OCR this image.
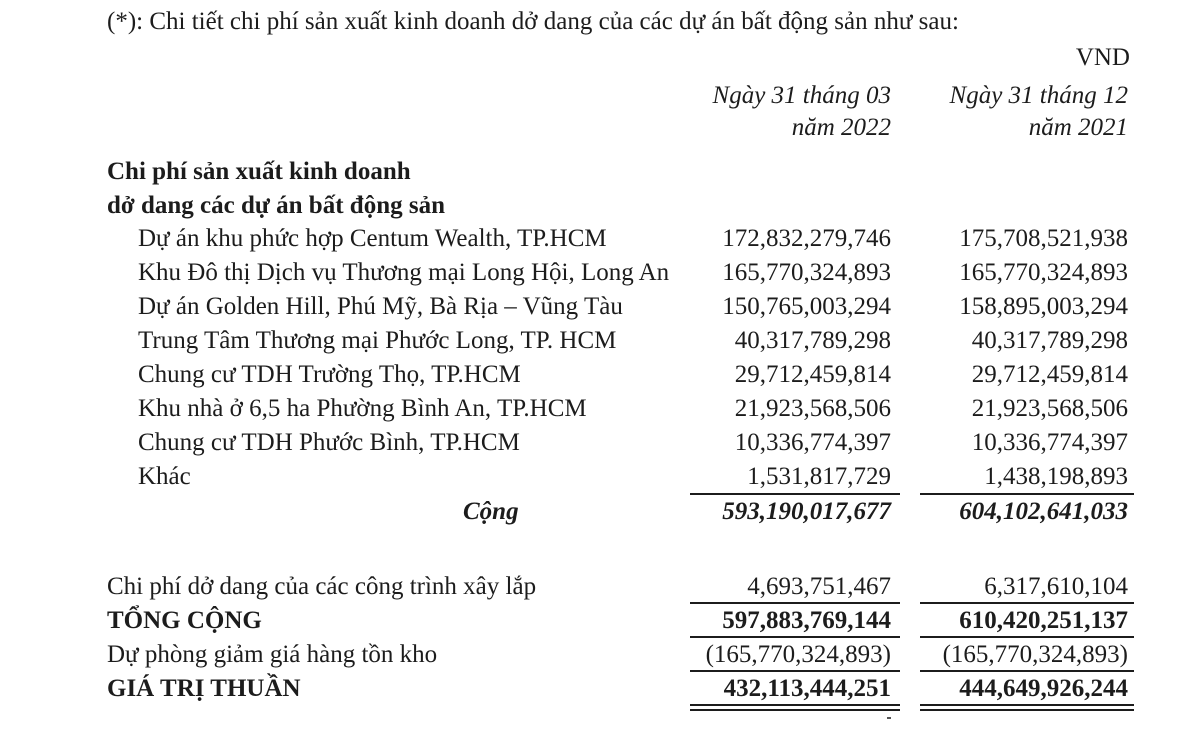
(*): Chi tiết chi phí sản xuất kinh doanh dở dang của các dự án bất động sản như sau:
VND
Ngày 31 tháng 03
năm 2022
Ngày 31 tháng 12
năm 2021
Chi phí sản xuất kinh doanh
dở dang các dự án bất động sản
Dự án khu phức hợp Centum Wealth, TP.HCM	172,832,279,746	175,708,521,938
Khu Đô thị Dịch vụ Thương mại Long Hội, Long An 165,770,324,893	165,770,324,893
Dự án Golden Hill, Phú Mỹ, Bà Rịa – Vũng Tàu	150,765,003,294	158,895,003,294
Trung Tâm Thương mại Phước Long, TP. HCM	40,317,789,298	40,317,789,298
Chung cư TDH Trường Thọ, TP.HCM	29,712,459,814	29,712,459,814
Khu nhà ở 6,5 ha Phường Bình An, TP.HCM	21,923,568,506	21,923,568,506
Chung cư TDH Phước Bình, TP.HCM	10,336,774,397	10,336,774,397
Khác	1,531,817,729	1,438,198,893
Cộng	593,190,017,677	604,102,641,033
Chi phí dở dang của các công trình xây lắp	4,693,751,467	6,317,610,104
TỔNG CỘNG	597,883,769,144	610,420,251,137
Dự phòng giảm giá hàng tồn kho	(165,770,324,893) (165,770,324,893)
GIÁ TRỊ THUẦN	432,113,444,251	444,649,926,244
